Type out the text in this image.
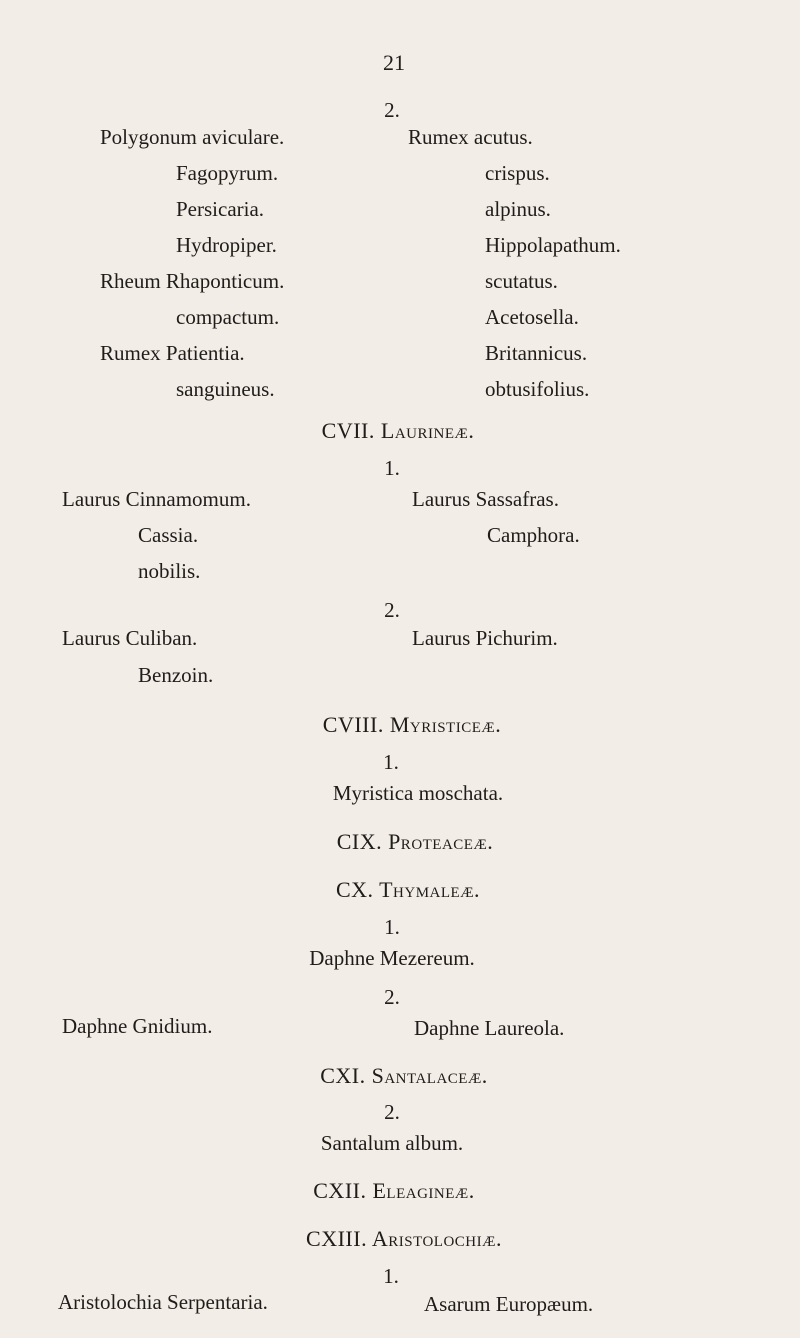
21
2.
Polygonum aviculare.
Fagopyrum.
Persicaria.
Hydropiper.
Rheum Rhaponticum.
compactum.
Rumex Patientia.
sanguineus.
Rumex acutus.
crispus.
alpinus.
Hippolapathum.
scutatus.
Acetosella.
Britannicus.
obtusifolius.
CVII. Laurineæ.
1.
Laurus Cinnamomum.
Cassia.
nobilis.
Laurus Sassafras.
Camphora.
2.
Laurus Culiban.
Benzoin.
Laurus Pichurim.
CVIII. Myristiceæ.
1.
Myristica moschata.
CIX. Proteaceæ.
CX. Thymaleæ.
1.
Daphne Mezereum.
2.
Daphne Gnidium.	Daphne Laureola.
CXI. Santalaceæ.
2.
Santalum album.
CXII. Eleagineæ.
CXIII. Aristolochiæ.
1.
Aristolochia Serpentaria.	Asarum Europæum.
